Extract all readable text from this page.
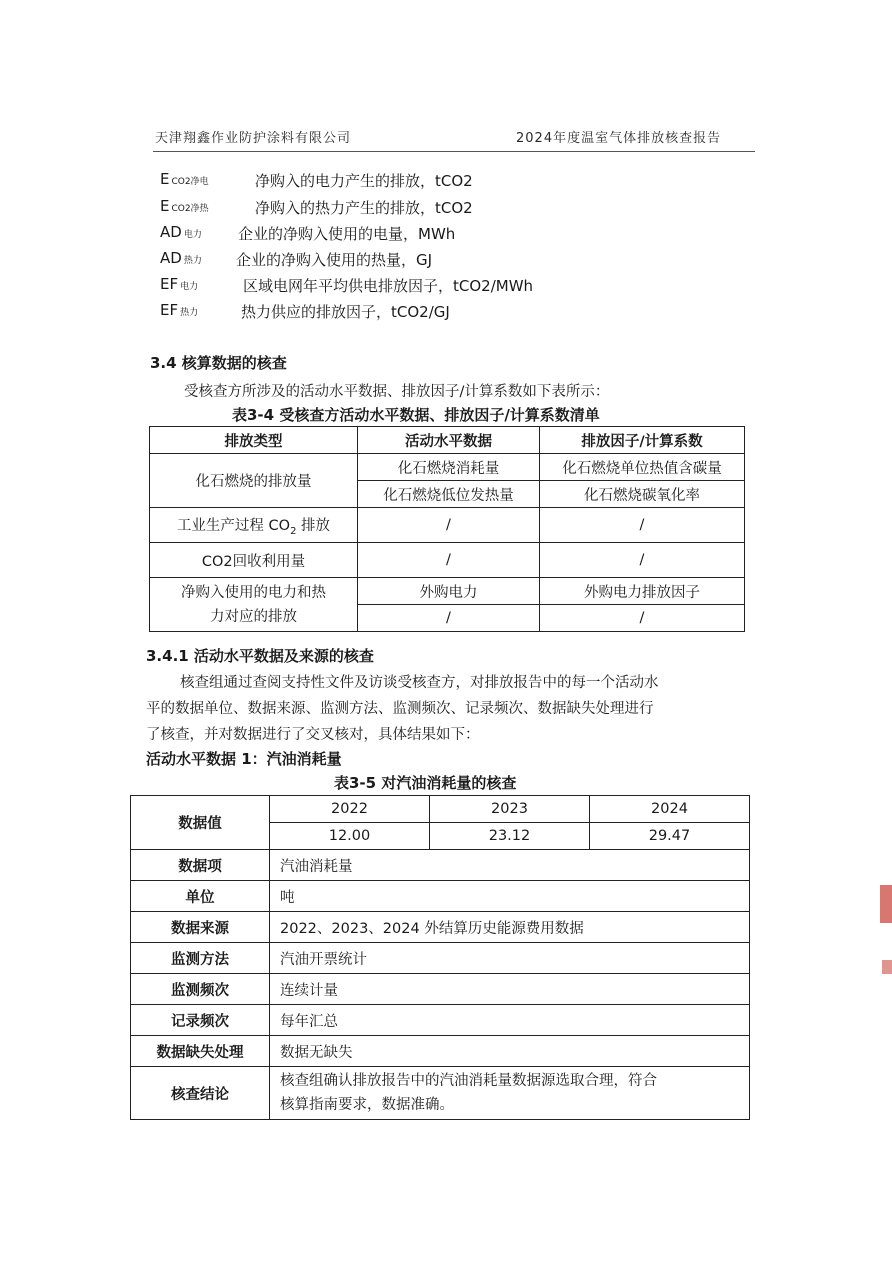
天津翔鑫作业防护涂料有限公司	2024年度温室气体排放核查报告
ECO2净电	净购入的电力产生的排放，tCO2
ECO2净热	净购入的热力产生的排放，tCO2
AD 电力 企业的净购入使用的电量，MWh
AD 热力 企业的净购入使用的热量，GJ
EF 电力	区域电网年平均供电排放因子，tCO2/MWh
EF 热力	热力供应的排放因子，tCO2/GJ
3.4 核算数据的核查
受核查方所涉及的活动水平数据、排放因子/计算系数如下表所示：
表3-4 受核查方活动水平数据、排放因子/计算系数清单
排放类型	活动水平数据	排放因子/计算系数
化石燃烧的排放量	化石燃烧消耗量	化石燃烧单位热值含碳量
	化石燃烧低位发热量	化石燃烧碳氧化率
工业生产过程 $CO_2$ 排放	/	/
CO2回收利用量	/	/

净购入使用的电力和热
力对应的排放	外购电力	外购电力排放因子
	/	/
3.4.1 活动水平数据及来源的核查
核查组通过查阅支持性文件及访谈受核查方，对排放报告中的每一个活动水
平的数据单位、数据来源、监测方法、监测频次、记录频次、数据缺失处理进行
了核查，并对数据进行了交叉核对，具体结果如下：
活动水平数据 1：汽油消耗量
表3-5 对汽油消耗量的核查
数据值	2022	2023	2024
	12.00	23.12	29.47
数据项	汽油消耗量		
单位	吨		
数据来源	2022、2023、2024 外结算历史能源费用数据		
监测方法	汽油开票统计		
监测频次	连续计量		
记录频次	每年汇总		
数据缺失处理	数据无缺失		
核查结论	核查组确认排放报告中的汽油消耗量数据源选取合理，符合
核算指南要求，数据准确。		
